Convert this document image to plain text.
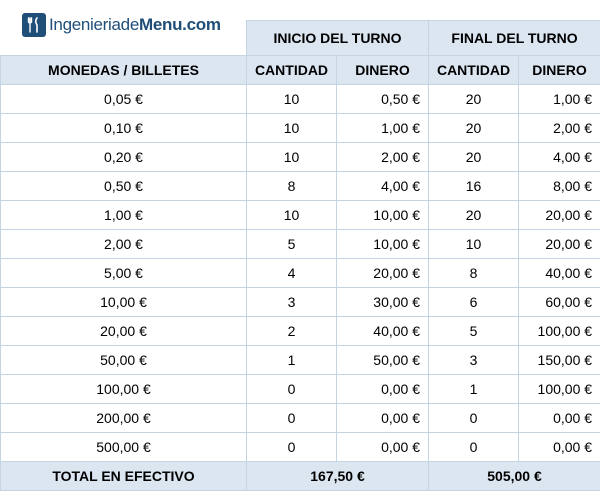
	INICIO DEL TURNO		FINAL DEL TURNO	
MONEDAS / BILLETES	CANTIDAD	DINERO	CANTIDAD	DINERO
0,05 €	10	0,50 €	20	1,00 €
0,10 €	10	1,00 €	20	2,00 €
0,20 €	10	2,00 €	20	4,00 €
0,50 €	8	4,00 €	16	8,00 €
1,00 €	10	10,00 €	20	20,00 €
2,00 €	5	10,00 €	10	20,00 €
5,00 €	4	20,00 €	8	40,00 €
10,00 €	3	30,00 €	6	60,00 €
20,00 €	2	40,00 €	5	100,00 €
50,00 €	1	50,00 €	3	150,00 €
100,00 €	0	0,00 €	1	100,00 €
200,00 €	0	0,00 €	0	0,00 €
500,00 €	0	0,00 €	0	0,00 €
TOTAL EN EFECTIVO	167,50 €		505,00 €	
IngenieriadeMenu.com
